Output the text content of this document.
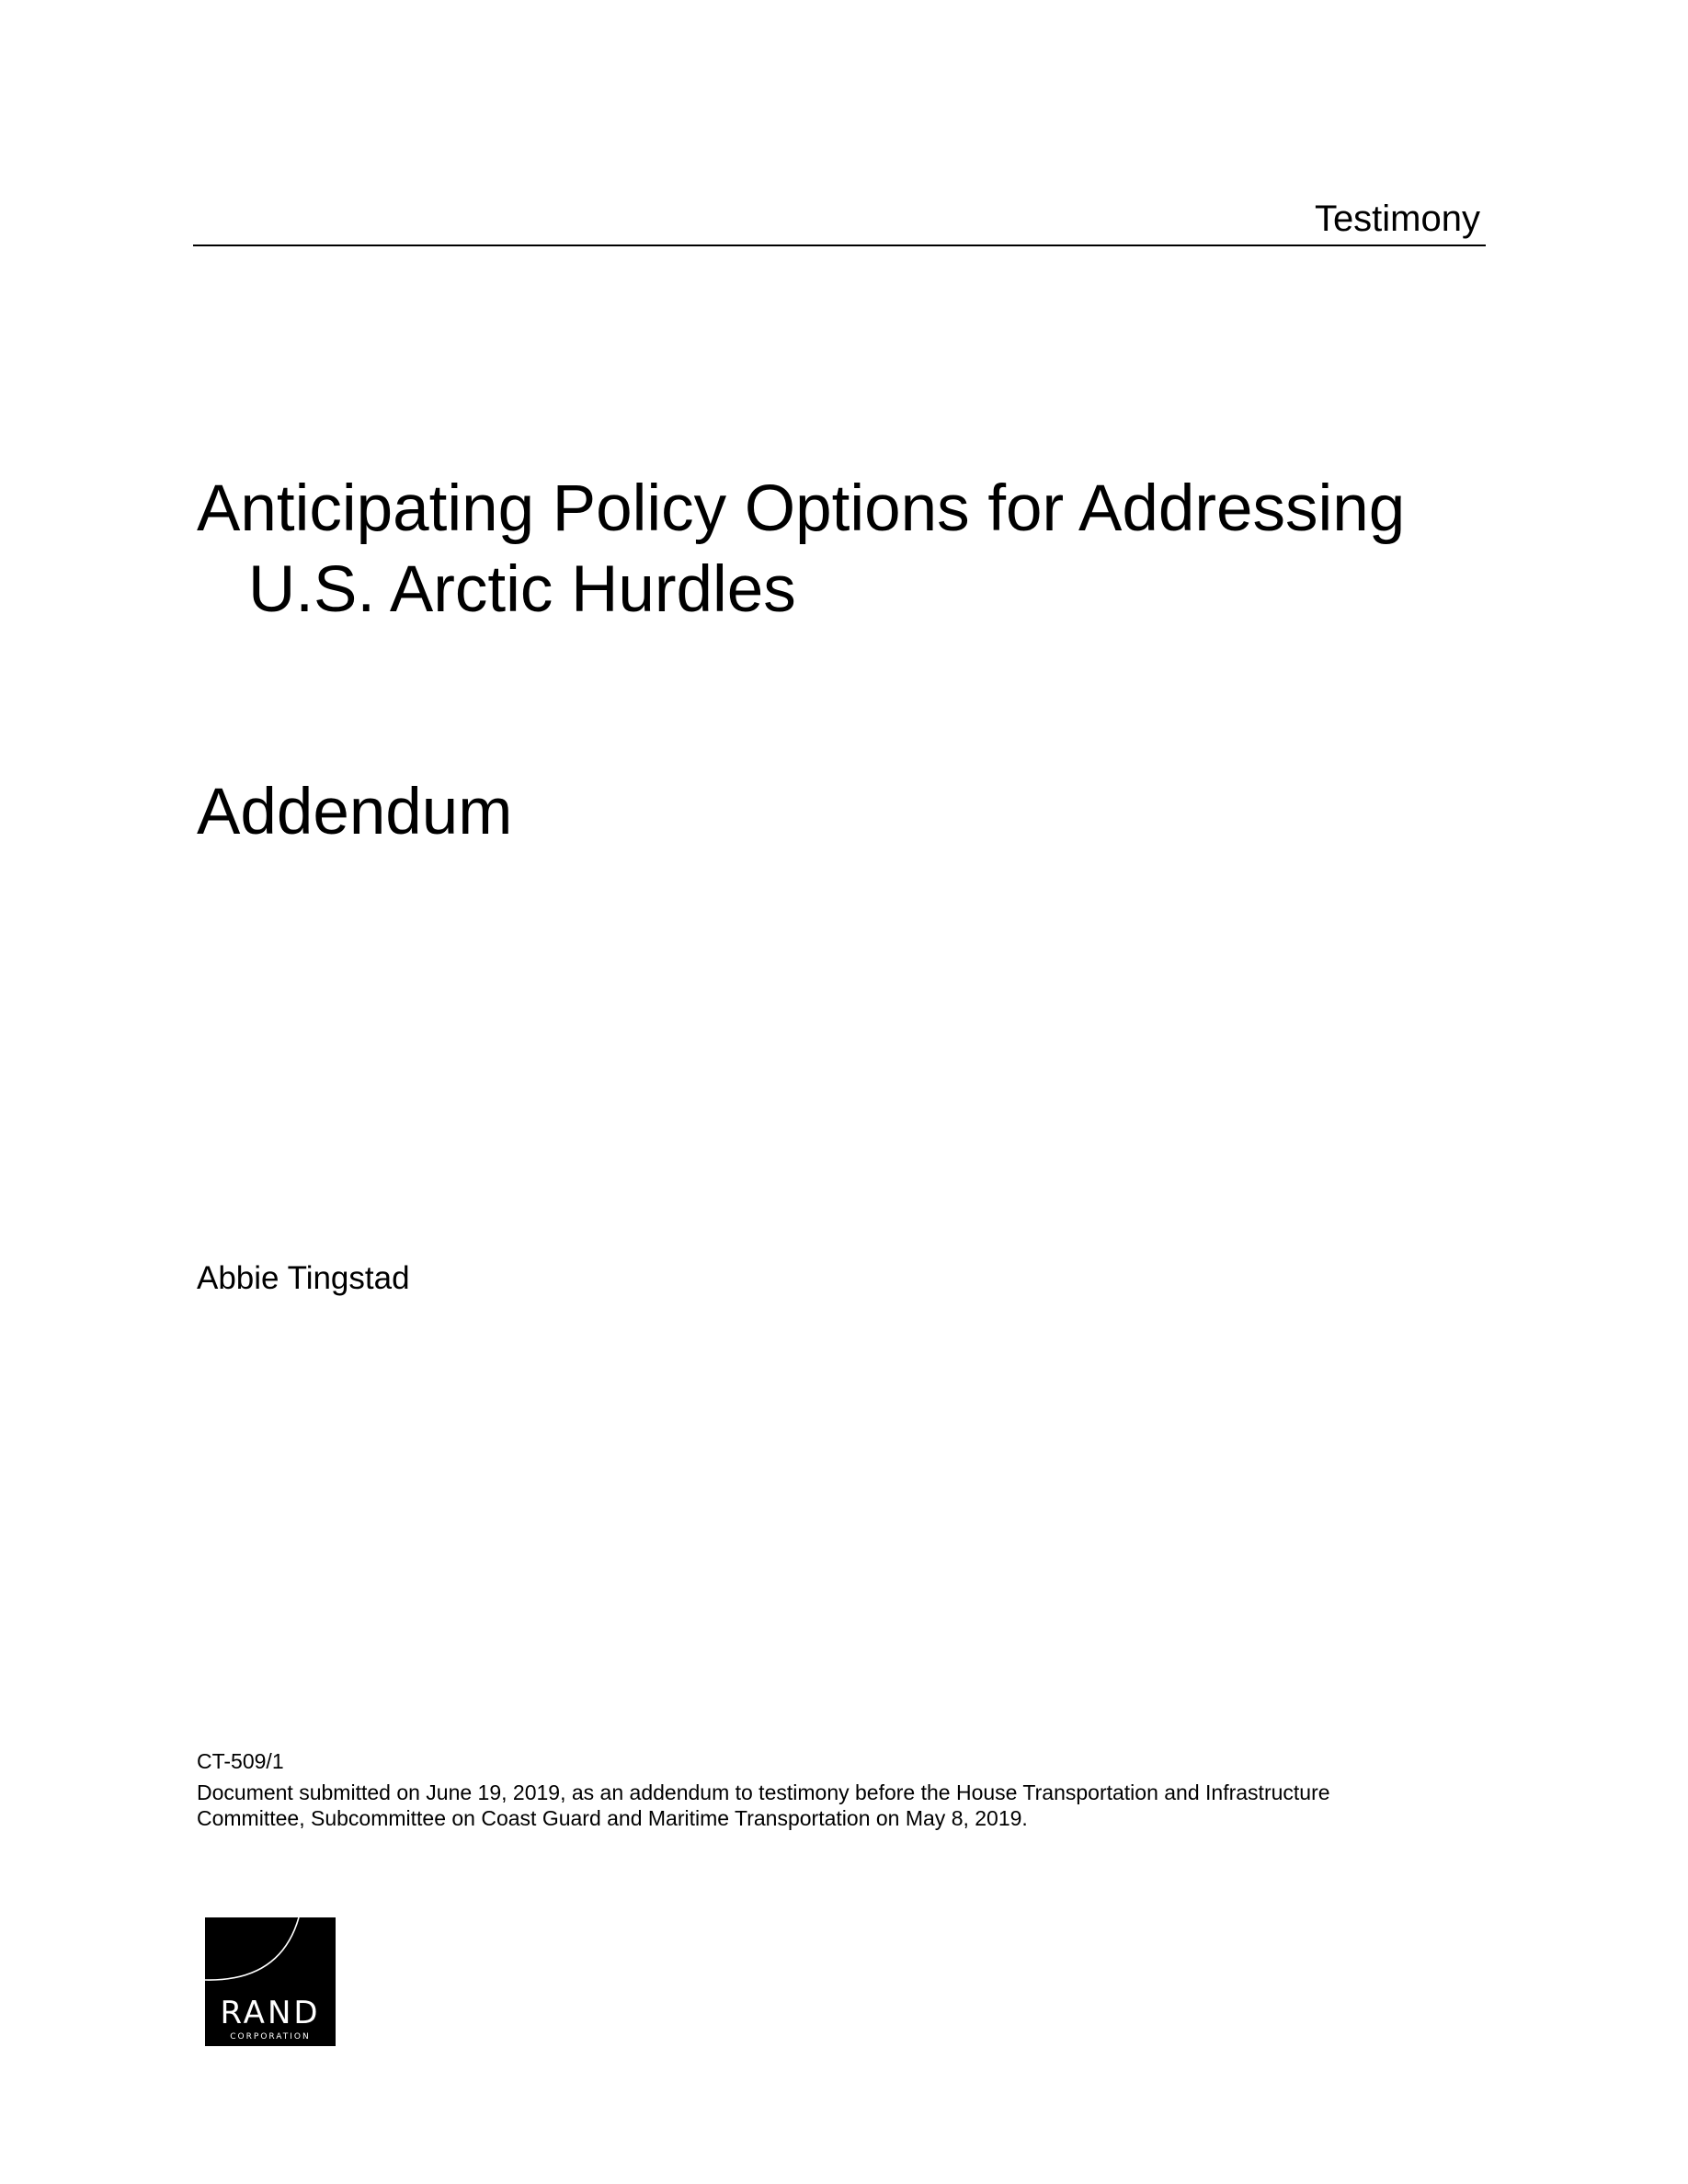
Testimony
Anticipating Policy Options for Addressing
U.S. Arctic Hurdles
Addendum
Abbie Tingstad
CT-509/1
Document submitted on June 19, 2019, as an addendum to testimony before the House Transportation and Infrastructure
Committee, Subcommittee on Coast Guard and Maritime Transportation on May 8, 2019.
RAND
CORPORATION
